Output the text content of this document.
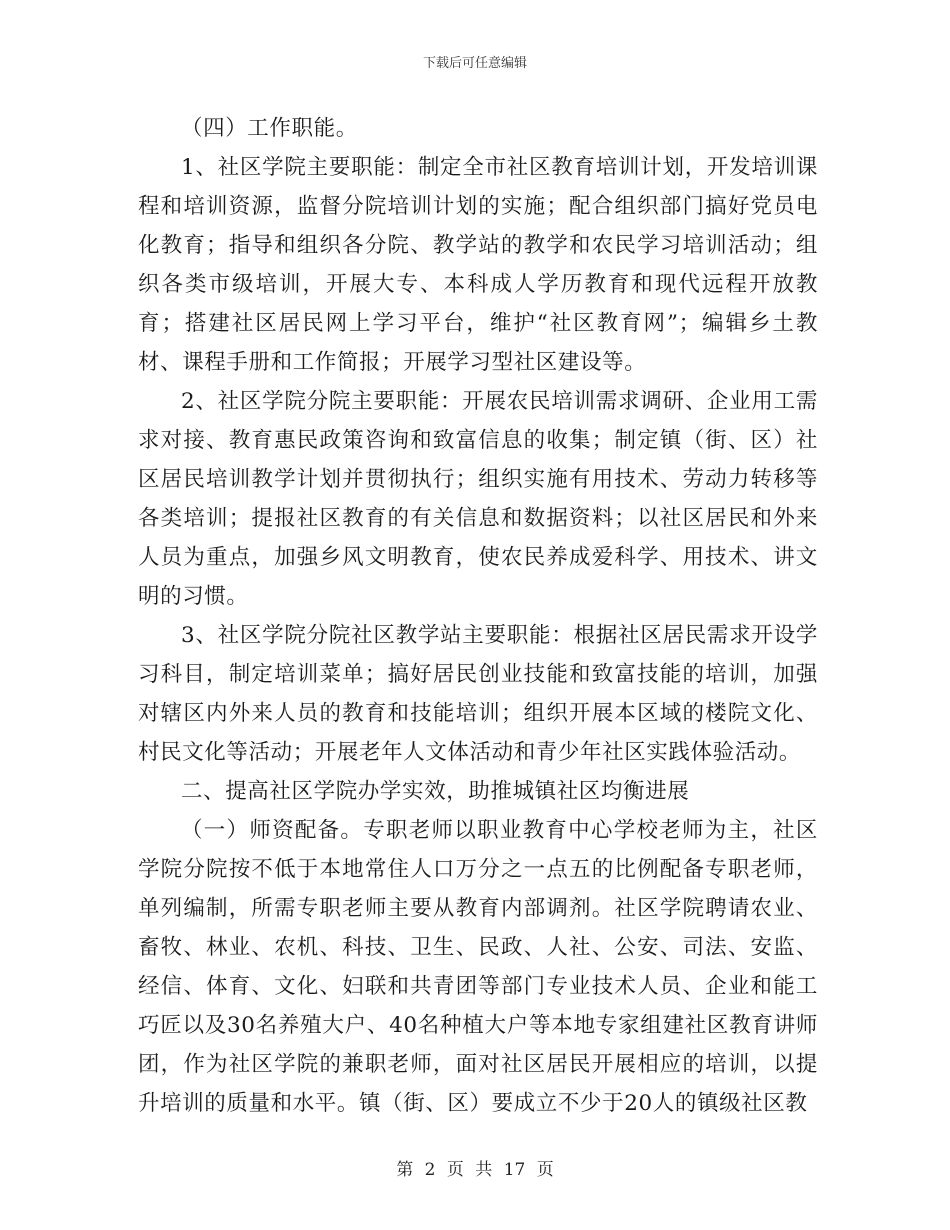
下载后可任意编辑

（四）工作职能。

1、社区学院主要职能：制定全市社区教育培训计划，开发培训课程和培训资源，监督分院培训计划的实施；配合组织部门搞好党员电化教育；指导和组织各分院、教学站的教学和农民学习培训活动；组织各类市级培训，开展大专、本科成人学历教育和现代远程开放教育；搭建社区居民网上学习平台，维护“社区教育网”；编辑乡土教材、课程手册和工作简报；开展学习型社区建设等。

2、社区学院分院主要职能：开展农民培训需求调研、企业用工需求对接、教育惠民政策咨询和致富信息的收集；制定镇（街、区）社区居民培训教学计划并贯彻执行；组织实施有用技术、劳动力转移等各类培训；提报社区教育的有关信息和数据资料；以社区居民和外来人员为重点，加强乡风文明教育，使农民养成爱科学、用技术、讲文明的习惯。

3、社区学院分院社区教学站主要职能：根据社区居民需求开设学习科目，制定培训菜单；搞好居民创业技能和致富技能的培训，加强对辖区内外来人员的教育和技能培训；组织开展本区域的楼院文化、村民文化等活动；开展老年人文体活动和青少年社区实践体验活动。

二、提高社区学院办学实效，助推城镇社区均衡进展

（一）师资配备。专职老师以职业教育中心学校老师为主，社区学院分院按不低于本地常住人口万分之一点五的比例配备专职老师，单列编制，所需专职老师主要从教育内部调剂。社区学院聘请农业、畜牧、林业、农机、科技、卫生、民政、人社、公安、司法、安监、经信、体育、文化、妇联和共青团等部门专业技术人员、企业和能工巧匠以及30名养殖大户、40名种植大户等本地专家组建社区教育讲师团，作为社区学院的兼职老师，面对社区居民开展相应的培训，以提升培训的质量和水平。镇（街、区）要成立不少于20人的镇级社区教

第 2 页 共 17 页
